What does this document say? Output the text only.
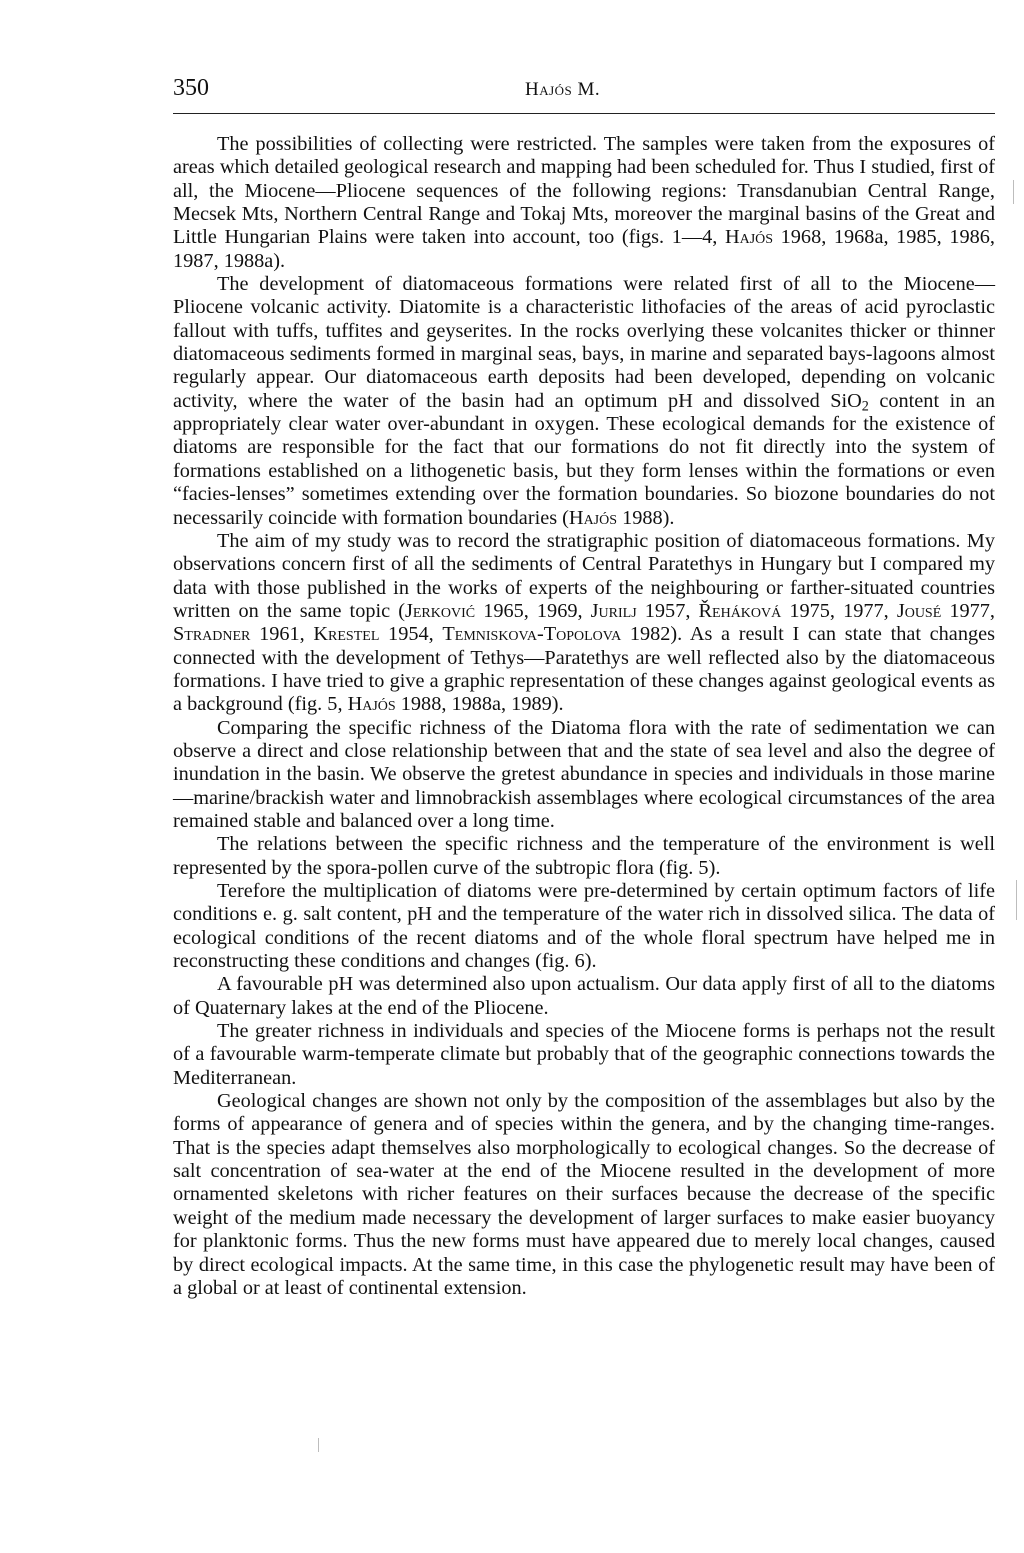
350	Hajós M.

The possibilities of collecting were restricted. The samples were taken from the exposures of areas which detailed geological research and mapping had been scheduled for. Thus I studied, first of all, the Miocene—Pliocene sequences of the following regions: Transdanubian Central Range, Mecsek Mts, Northern Central Range and Tokaj Mts, moreover the marginal basins of the Great and Little Hungarian Plains were taken into account, too (figs. 1—4, Hajós 1968, 1968a, 1985, 1986, 1987, 1988a).

The development of diatomaceous formations were related first of all to the Miocene—Pliocene volcanic activity. Diatomite is a characteristic lithofacies of the areas of acid pyroclastic fallout with tuffs, tuffites and geyserites. In the rocks overlying these volcanites thicker or thinner diatomaceous sediments formed in marginal seas, bays, in marine and separated bays-lagoons almost regularly appear. Our diatomaceous earth deposits had been developed, depending on volcanic activity, where the water of the basin had an optimum pH and dissolved SiO$_2$ content in an appropriately clear water over-abundant in oxygen. These ecological demands for the existence of diatoms are responsible for the fact that our formations do not fit directly into the system of formations established on a lithogenetic basis, but they form lenses within the formations or even “facies-lenses” sometimes extending over the formation boundaries. So biozone boundaries do not necessarily coincide with formation boundaries (Hajós 1988).

The aim of my study was to record the stratigraphic position of diatomaceous formations. My observations concern first of all the sediments of Central Paratethys in Hungary but I compared my data with those published in the works of experts of the neighbouring or farther-situated countries written on the same topic (Jerković 1965, 1969, Jurilj 1957, Řeháková 1975, 1977, Jousé 1977, Stradner 1961, Krestel 1954, Temniskova-Topolova 1982). As a result I can state that changes connected with the development of Tethys—Paratethys are well reflected also by the diatomaceous formations. I have tried to give a graphic representation of these changes against geological events as a background (fig. 5, Hajós 1988, 1988a, 1989).

Comparing the specific richness of the Diatoma flora with the rate of sedimentation we can observe a direct and close relationship between that and the state of sea level and also the degree of inundation in the basin. We observe the gretest abundance in species and individuals in those marine—marine/brackish water and limnobrackish assemblages where ecological circumstances of the area remained stable and balanced over a long time.

The relations between the specific richness and the temperature of the environment is well represented by the spora-pollen curve of the subtropic flora (fig. 5).

Terefore the multiplication of diatoms were pre-determined by certain optimum factors of life conditions e. g. salt content, pH and the temperature of the water rich in dissolved silica. The data of ecological conditions of the recent diatoms and of the whole floral spectrum have helped me in reconstructing these conditions and changes (fig. 6).

A favourable pH was determined also upon actualism. Our data apply first of all to the diatoms of Quaternary lakes at the end of the Pliocene.

The greater richness in individuals and species of the Miocene forms is perhaps not the result of a favourable warm-temperate climate but probably that of the geographic connections towards the Mediterranean.

Geological changes are shown not only by the composition of the assemblages but also by the forms of appearance of genera and of species within the genera, and by the changing time-ranges. That is the species adapt themselves also morphologically to ecological changes. So the decrease of salt concentration of sea-water at the end of the Miocene resulted in the development of more ornamented skeletons with richer features on their surfaces because the decrease of the specific weight of the medium made necessary the development of larger surfaces to make easier buoyancy for planktonic forms. Thus the new forms must have appeared due to merely local changes, caused by direct ecological impacts. At the same time, in this case the phylogenetic result may have been of a global or at least of continental extension.
